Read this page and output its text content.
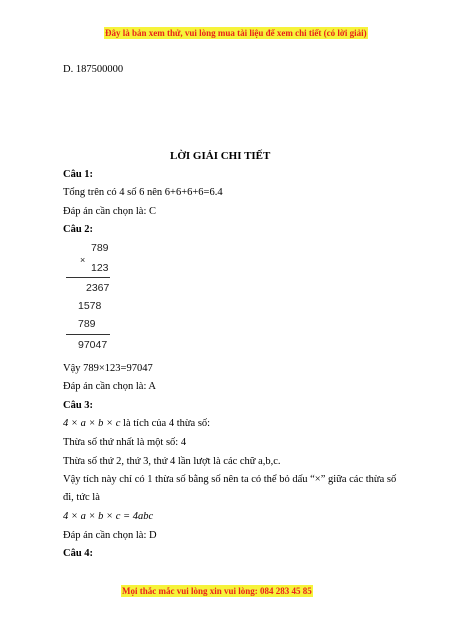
Đây là bản xem thử, vui lòng mua tài liệu để xem chi tiết (có lời giải)
D. 187500000
LỜI GIẢI CHI TIẾT
Câu 1:
Tổng trên có 4 số 6 nên 6+6+6+6=6.4
Đáp án cần chọn là: C
Câu 2:
789
×
123
2367
1578
789
97047
Vậy 789×123=97047
Đáp án cần chọn là: A
Câu 3:
4 × a × b × c là tích của 4 thừa số:
Thừa số thứ nhất là một số: 4
Thừa số thứ 2, thứ 3, thứ 4 lần lượt là các chữ a,b,c.
Vậy tích này chỉ có 1 thừa số bằng số nên ta có thể bỏ dấu “×” giữa các thừa số
đi, tức là
4 × a × b × c = 4abc
Đáp án cần chọn là: D
Câu 4:
Mọi thắc mắc vui lòng xin vui lòng: 084 283 45 85
